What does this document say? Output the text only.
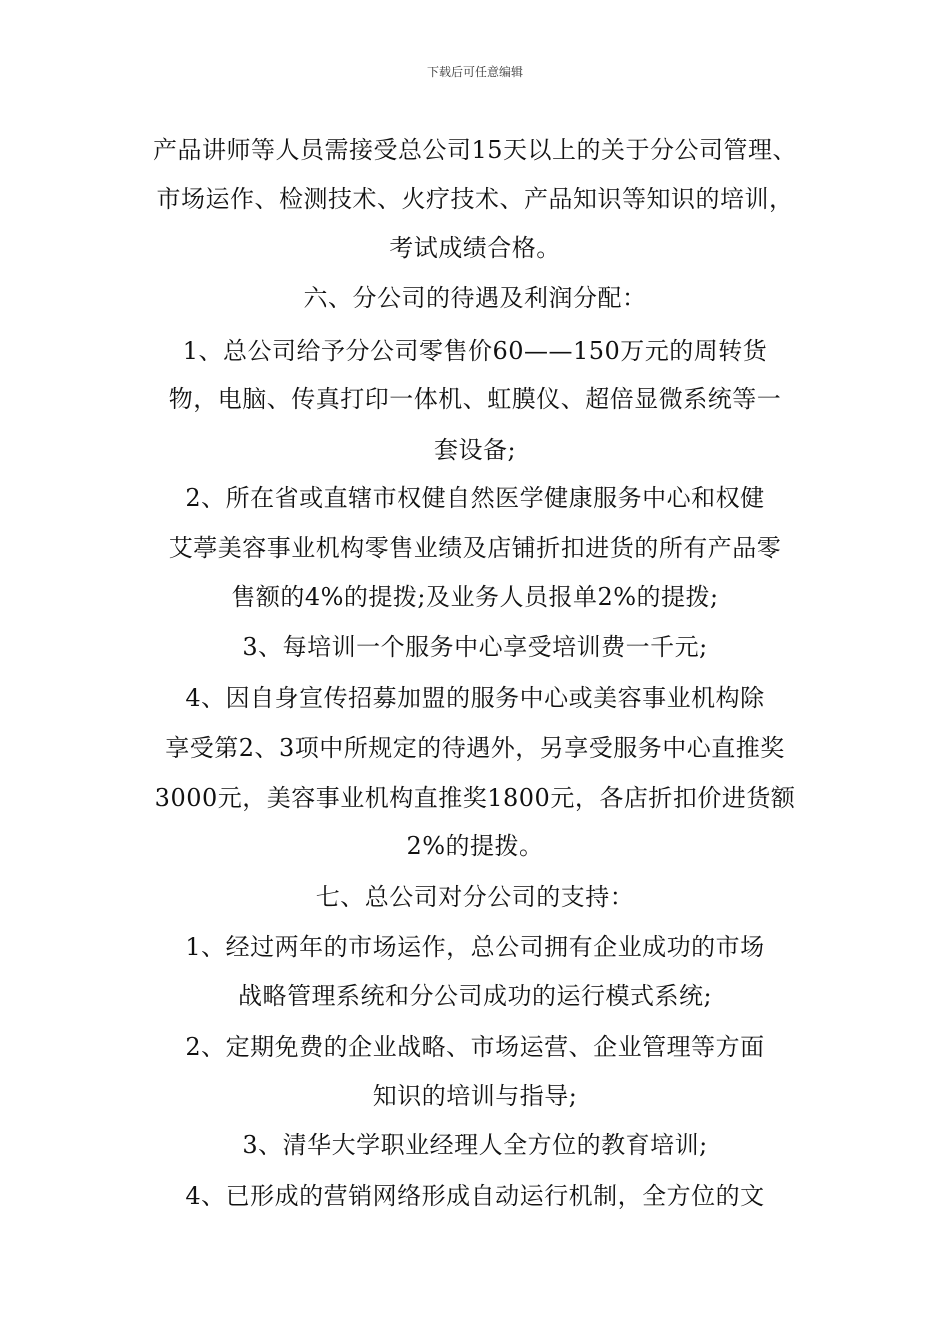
下载后可任意编辑
产品讲师等人员需接受总公司15天以上的关于分公司管理、
市场运作、检测技术、火疗技术、产品知识等知识的培训，
考试成绩合格。
六、分公司的待遇及利润分配：
1、总公司给予分公司零售价60——150万元的周转货
物，电脑、传真打印一体机、虹膜仪、超倍显微系统等一
套设备;
2、所在省或直辖市权健自然医学健康服务中心和权健
艾葶美容事业机构零售业绩及店铺折扣进货的所有产品零
售额的4%的提拨;及业务人员报单2%的提拨;
3、每培训一个服务中心享受培训费一千元;
4、因自身宣传招募加盟的服务中心或美容事业机构除
享受第2、3项中所规定的待遇外，另享受服务中心直推奖
3000元，美容事业机构直推奖1800元，各店折扣价进货额
2%的提拨。
七、总公司对分公司的支持：
1、经过两年的市场运作，总公司拥有企业成功的市场
战略管理系统和分公司成功的运行模式系统;
2、定期免费的企业战略、市场运营、企业管理等方面
知识的培训与指导;
3、清华大学职业经理人全方位的教育培训;
4、已形成的营销网络形成自动运行机制，全方位的文
